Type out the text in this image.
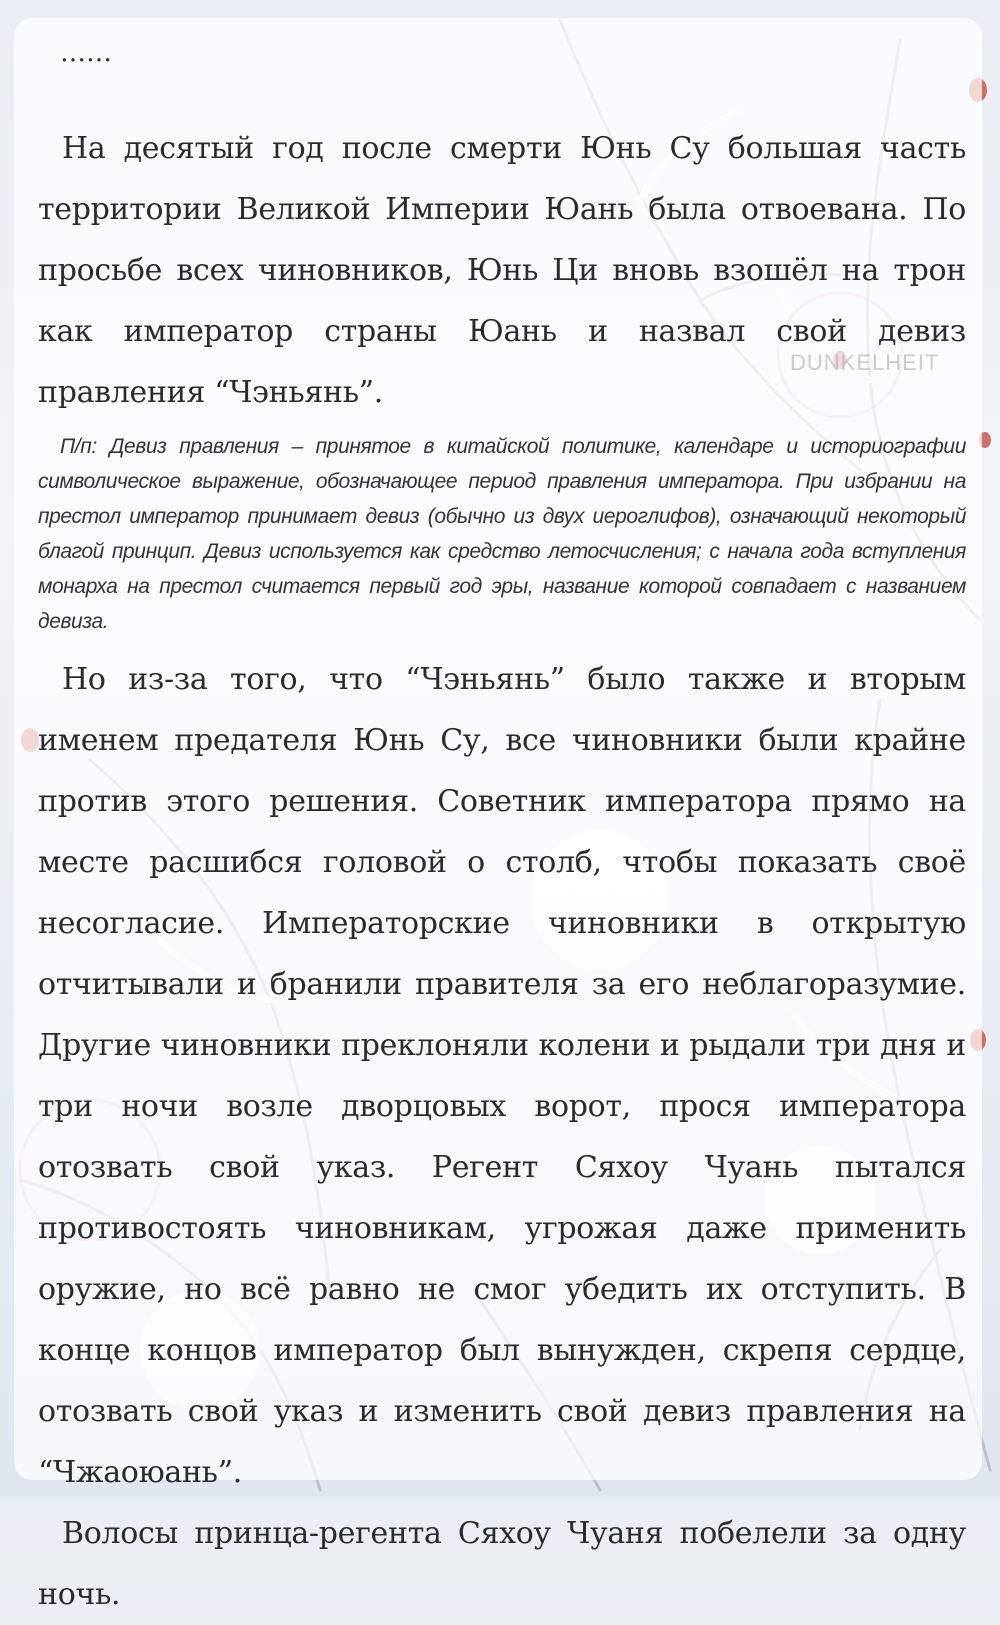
DUNKELHEIT
……

На десятый год после смерти Юнь Су большая часть территории Великой Империи Юань была отвоевана. По просьбе всех чиновников, Юнь Ци вновь взошёл на трон как император страны Юань и назвал свой девиз правления “Чэньянь”.

П/п: Девиз правления – принятое в китайской политике, календаре и историографии символическое выражение, обозначающее период правления императора. При избрании на престол император принимает девиз (обычно из двух иероглифов), означающий некоторый благой принцип. Девиз используется как средство летосчисления; с начала года вступления монарха на престол считается первый год эры, название которой совпадает с названием девиза.

Но из-за того, что “Чэньянь” было также и вторым именем предателя Юнь Су, все чиновники были крайне против этого решения. Советник императора прямо на месте расшибся головой о столб, чтобы показать своё несогласие. Императорские чиновники в открытую отчитывали и бранили правителя за его неблагоразумие. Другие чиновники преклоняли колени и рыдали три дня и три ночи возле дворцовых ворот, прося императора отозвать свой указ. Регент Сяхоу Чуань пытался противостоять чиновникам, угрожая даже применить оружие, но всё равно не смог убедить их отступить. В конце концов император был вынужден, скрепя сердце, отозвать свой указ и изменить свой девиз правления на “Чжаоюань”.

Волосы принца-регента Сяхоу Чуаня побелели за одну ночь.
